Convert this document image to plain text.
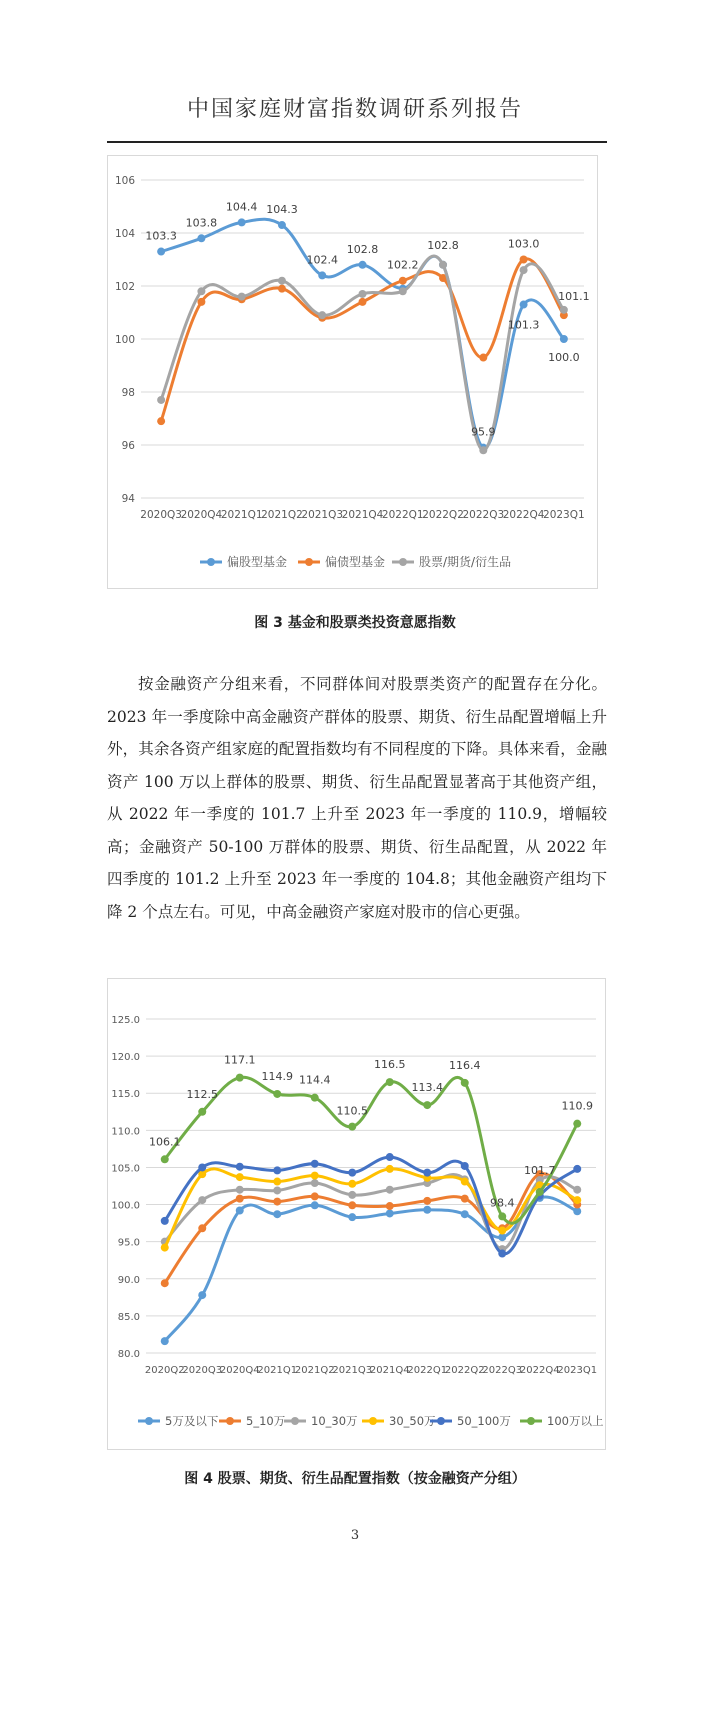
中国家庭财富指数调研系列报告
106
104
102
100
98
96
94
2020Q3
2020Q4
2021Q1
2021Q2
2021Q3
2021Q4
2022Q1
2022Q2
2022Q3
2022Q4
2023Q1
103.3
103.8
104.4 104.3
102.4
102.8
102.2
102.8
95.9
103.0
101.3
101.1
100.0
偏股型基金	偏债型基金	股票/期货/衍生品
图 3 基金和股票类投资意愿指数

按金融资产分组来看，不同群体间对股票类资产的配置存在分化。2023 年一季度除中高金融资产群体的股票、期货、衍生品配置增幅上升外，其余各资产组家庭的配置指数均有不同程度的下降。具体来看，金融资产 100 万以上群体的股票、期货、衍生品配置显著高于其他资产组，从 2022 年一季度的 101.7 上升至 2023 年一季度的 110.9，增幅较高；金融资产 50-100 万群体的股票、期货、衍生品配置，从 2022 年四季度的 101.2 上升至 2023 年一季度的 104.8；其他金融资产组均下降 2 个点左右。可见，中高金融资产家庭对股市的信心更强。

125.0
120.0
115.0
110.0
105.0
100.0
95.0
90.0
85.0
80.0
2020Q2
2020Q3
2020Q4
2021Q1
2021Q2
2021Q3
2021Q4
2022Q1
2022Q2
2022Q3
2022Q4
2023Q1
106.1
112.5
117.1
114.9 114.4
110.5
116.5
113.4
116.4
98.4
101.7
110.9
5万及以下 5_10万 10_30万	30_50万 50_100万	100万以上
图 4 股票、期货、衍生品配置指数（按金融资产分组）
3
